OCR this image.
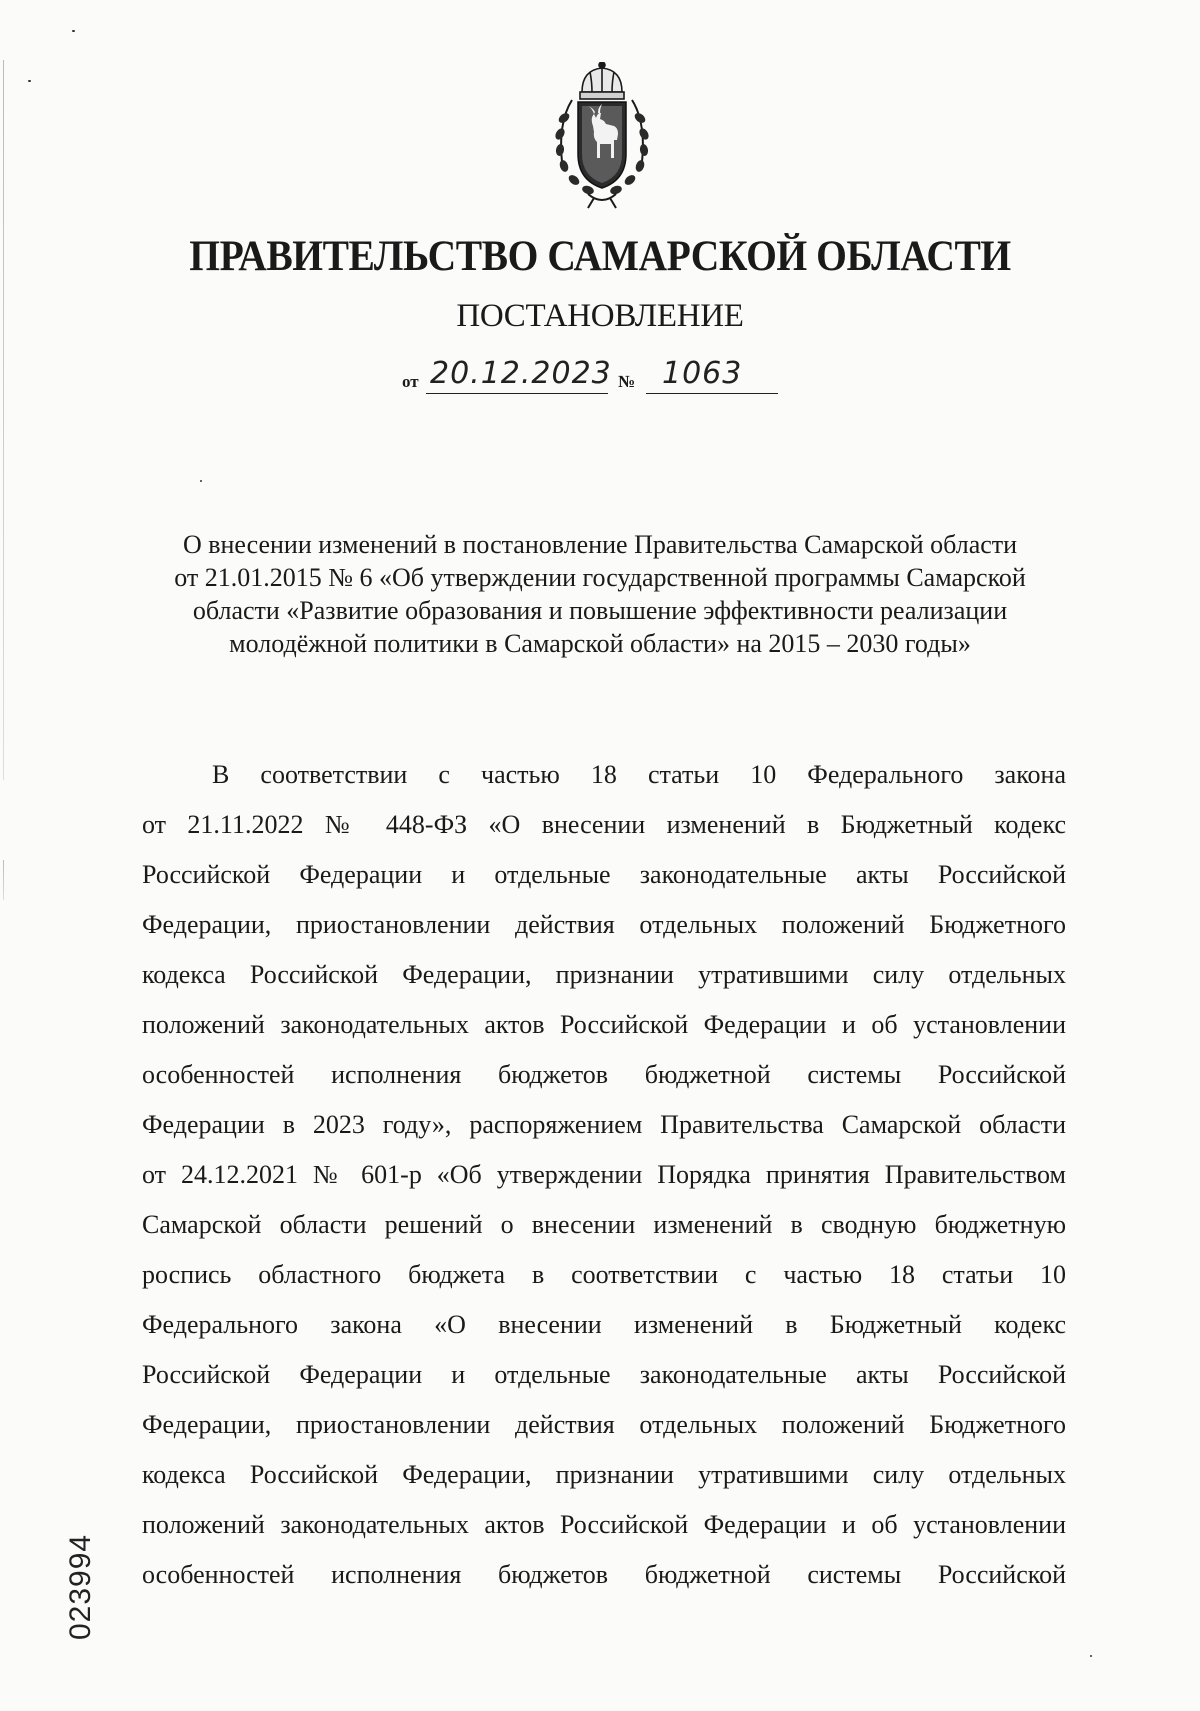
ПРАВИТЕЛЬСТВО САМАРСКОЙ ОБЛАСТИ
ПОСТАНОВЛЕНИЕ
от 20.12.2023 № 1063
О внесении изменений в постановление Правительства Самарской области
от 21.01.2015 № 6 «Об утверждении государственной программы Самарской
области «Развитие образования и повышение эффективности реализации
молодёжной политики в Самарской области» на 2015 – 2030 годы»
В соответствии с частью 18 статьи 10 Федерального закона
от 21.11.2022 № 448-ФЗ «О внесении изменений в Бюджетный кодекс
Российской Федерации и отдельные законодательные акты Российской
Федерации, приостановлении действия отдельных положений Бюджетного
кодекса Российской Федерации, признании утратившими силу отдельных
положений законодательных актов Российской Федерации и об установлении
особенностей исполнения бюджетов бюджетной системы Российской
Федерации в 2023 году», распоряжением Правительства Самарской области
от 24.12.2021 № 601-р «Об утверждении Порядка принятия Правительством
Самарской области решений о внесении изменений в сводную бюджетную
роспись областного бюджета в соответствии с частью 18 статьи 10
Федерального закона «О внесении изменений в Бюджетный кодекс
Российской Федерации и отдельные законодательные акты Российской
Федерации, приостановлении действия отдельных положений Бюджетного
кодекса Российской Федерации, признании утратившими силу отдельных
положений законодательных актов Российской Федерации и об установлении
особенностей исполнения бюджетов бюджетной системы Российской
023994
